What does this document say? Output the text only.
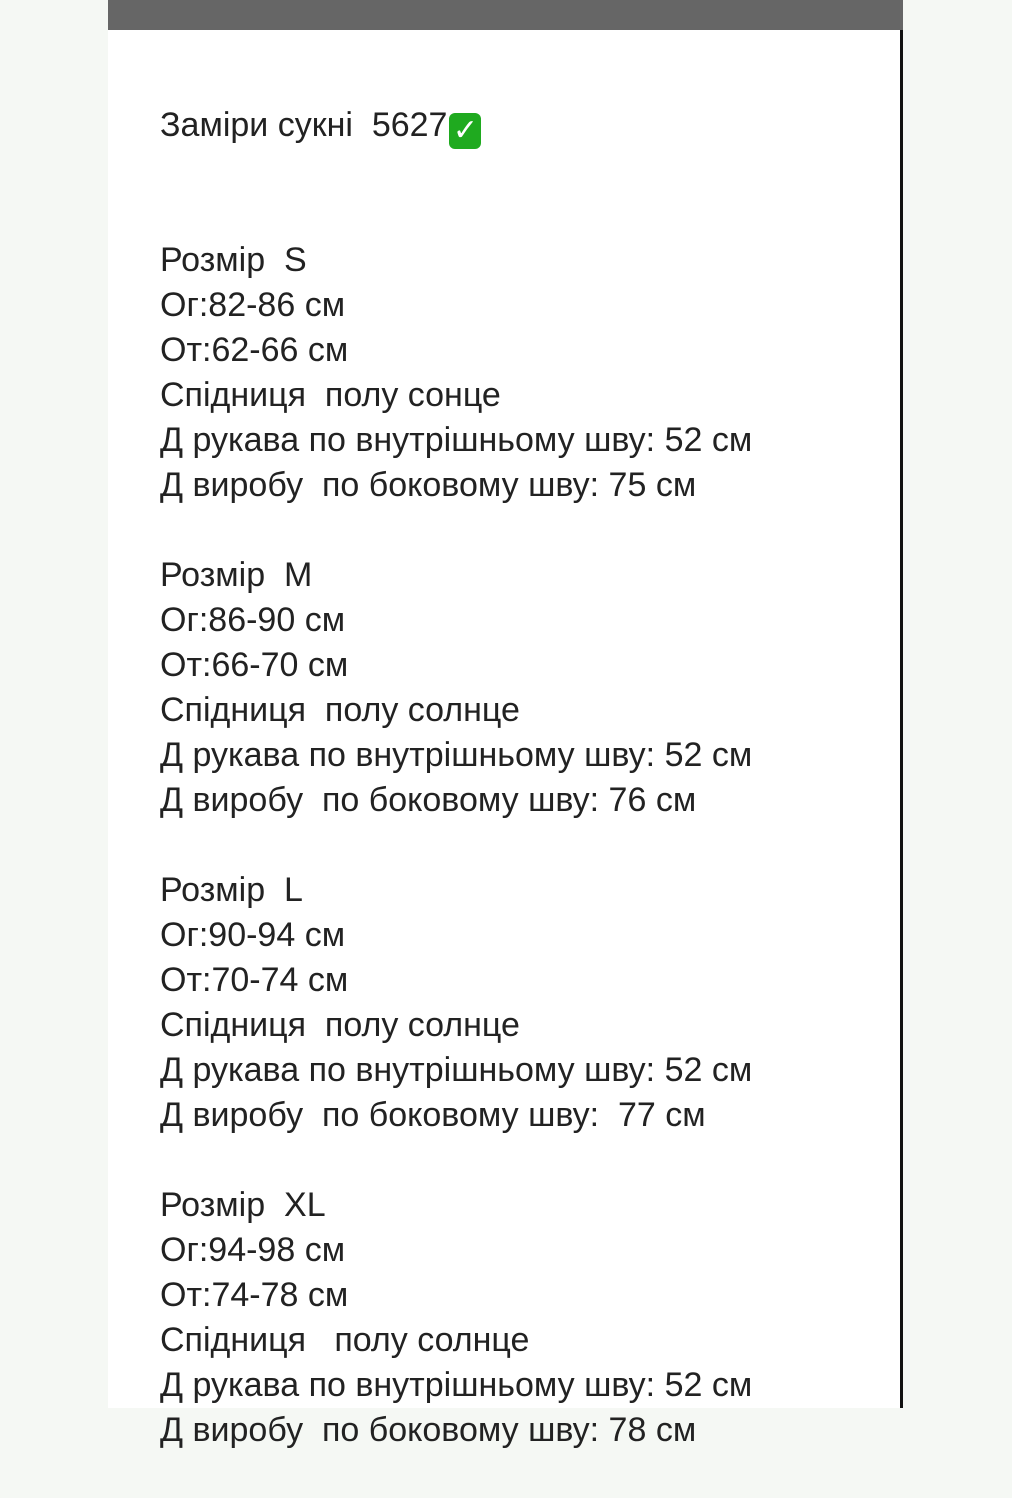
Заміри сукні  5627 ✓

Розмір  S
Ог:82-86 см
От:62-66 см
Спідниця  полу сонце
Д рукава по внутрішньому шву: 52 см
Д виробу  по боковому шву: 75 см
Розмір  M
Ог:86-90 см
От:66-70 см
Спідниця  полу солнце
Д рукава по внутрішньому шву: 52 см
Д виробу  по боковому шву: 76 см
Розмір  L
Ог:90-94 см
От:70-74 см
Спідниця  полу солнце
Д рукава по внутрішньому шву: 52 см
Д виробу  по боковому шву:  77 см
Розмір  XL
Ог:94-98 см
От:74-78 см
Спідниця   полу солнце
Д рукава по внутрішньому шву: 52 см
Д виробу  по боковому шву: 78 см
